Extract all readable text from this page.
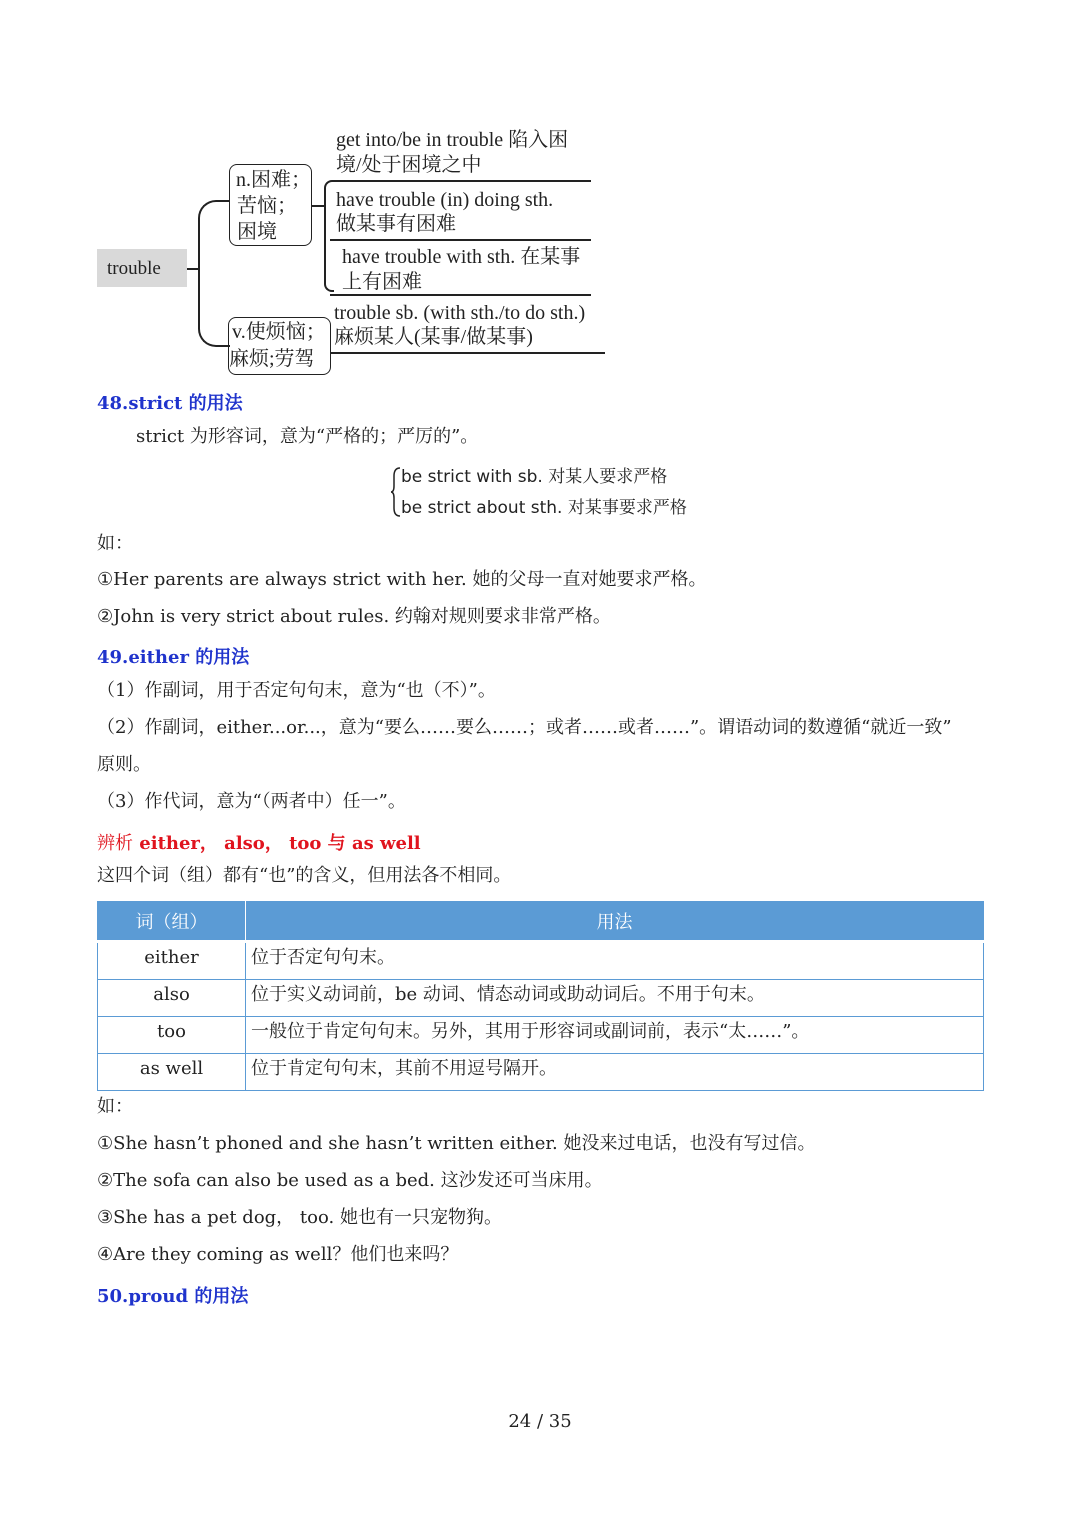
trouble
n.困难；
苦恼；
困境
v.使烦恼；
麻烦;劳驾
get into/be in trouble 陷入困
境/处于困境之中
have trouble (in) doing sth.
做某事有困难
have trouble with sth. 在某事
上有困难
trouble sb. (with sth./to do sth.)
麻烦某人(某事/做某事)
48.strict 的用法
strict 为形容词，意为“严格的；严厉的”。
be strict with sb. 对某人要求严格
be strict about sth. 对某事要求严格
如：
①Her parents are always strict with her. 她的父母一直对她要求严格。
②John is very strict about rules. 约翰对规则要求非常严格。
49.either 的用法
（1）作副词，用于否定句句末，意为“也（不）”。
（2）作副词，either...or...，意为“要么……要么……；或者……或者……”。谓语动词的数遵循“就近一致”
原则。
（3）作代词，意为“（两者中）任一”。
辨析 either， also， too 与 as well
这四个词（组）都有“也”的含义，但用法各不相同。
词（组）	用法
either	位于否定句句末。
also	位于实义动词前，be 动词、情态动词或助动词后。不用于句末。
too	一般位于肯定句句末。另外，其用于形容词或副词前，表示“太……”。
as well	位于肯定句句末，其前不用逗号隔开。
如：
①She hasn’t phoned and she hasn’t written either. 她没来过电话，也没有写过信。
②The sofa can also be used as a bed. 这沙发还可当床用。
③She has a pet dog， too. 她也有一只宠物狗。
④Are they coming as well？他们也来吗？
50.proud 的用法
24 / 35
